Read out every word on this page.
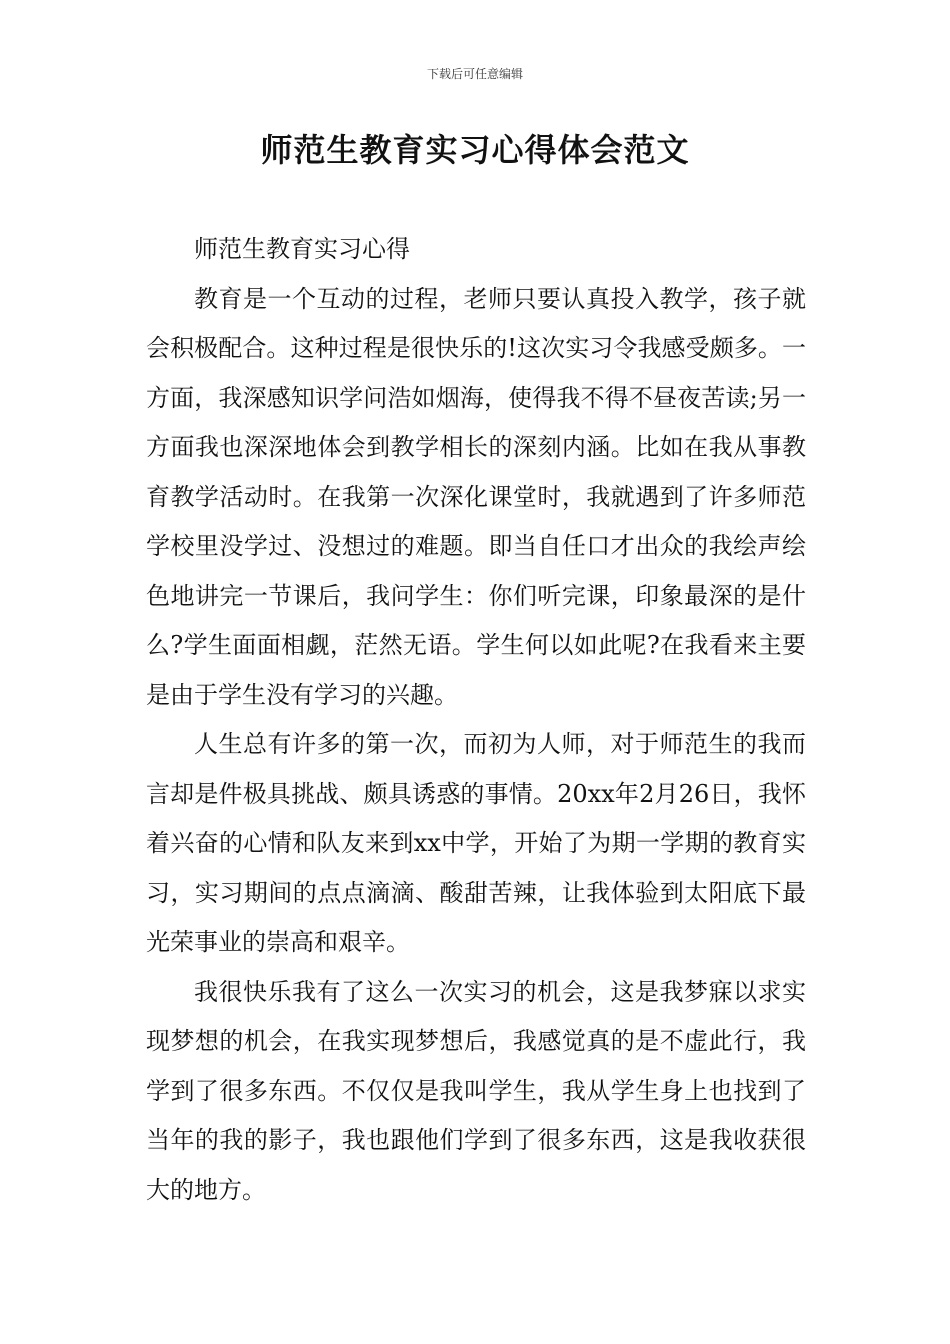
下载后可任意编辑
师范生教育实习心得体会范文

师范生教育实习心得

教育是一个互动的过程，老师只要认真投入教学，孩子就会积极配合。这种过程是很快乐的!这次实习令我感受颇多。一方面，我深感知识学问浩如烟海，使得我不得不昼夜苦读;另一方面我也深深地体会到教学相长的深刻内涵。比如在我从事教育教学活动时。在我第一次深化课堂时，我就遇到了许多师范学校里没学过、没想过的难题。即当自任口才出众的我绘声绘色地讲完一节课后，我问学生：你们听完课，印象最深的是什么?学生面面相觑，茫然无语。学生何以如此呢?在我看来主要是由于学生没有学习的兴趣。

人生总有许多的第一次，而初为人师，对于师范生的我而言却是件极具挑战、颇具诱惑的事情。20xx年2月26日，我怀着兴奋的心情和队友来到xx中学，开始了为期一学期的教育实习，实习期间的点点滴滴、酸甜苦辣，让我体验到太阳底下最光荣事业的崇高和艰辛。

我很快乐我有了这么一次实习的机会，这是我梦寐以求实现梦想的机会，在我实现梦想后，我感觉真的是不虚此行，我学到了很多东西。不仅仅是我叫学生，我从学生身上也找到了当年的我的影子，我也跟他们学到了很多东西，这是我收获很大的地方。
